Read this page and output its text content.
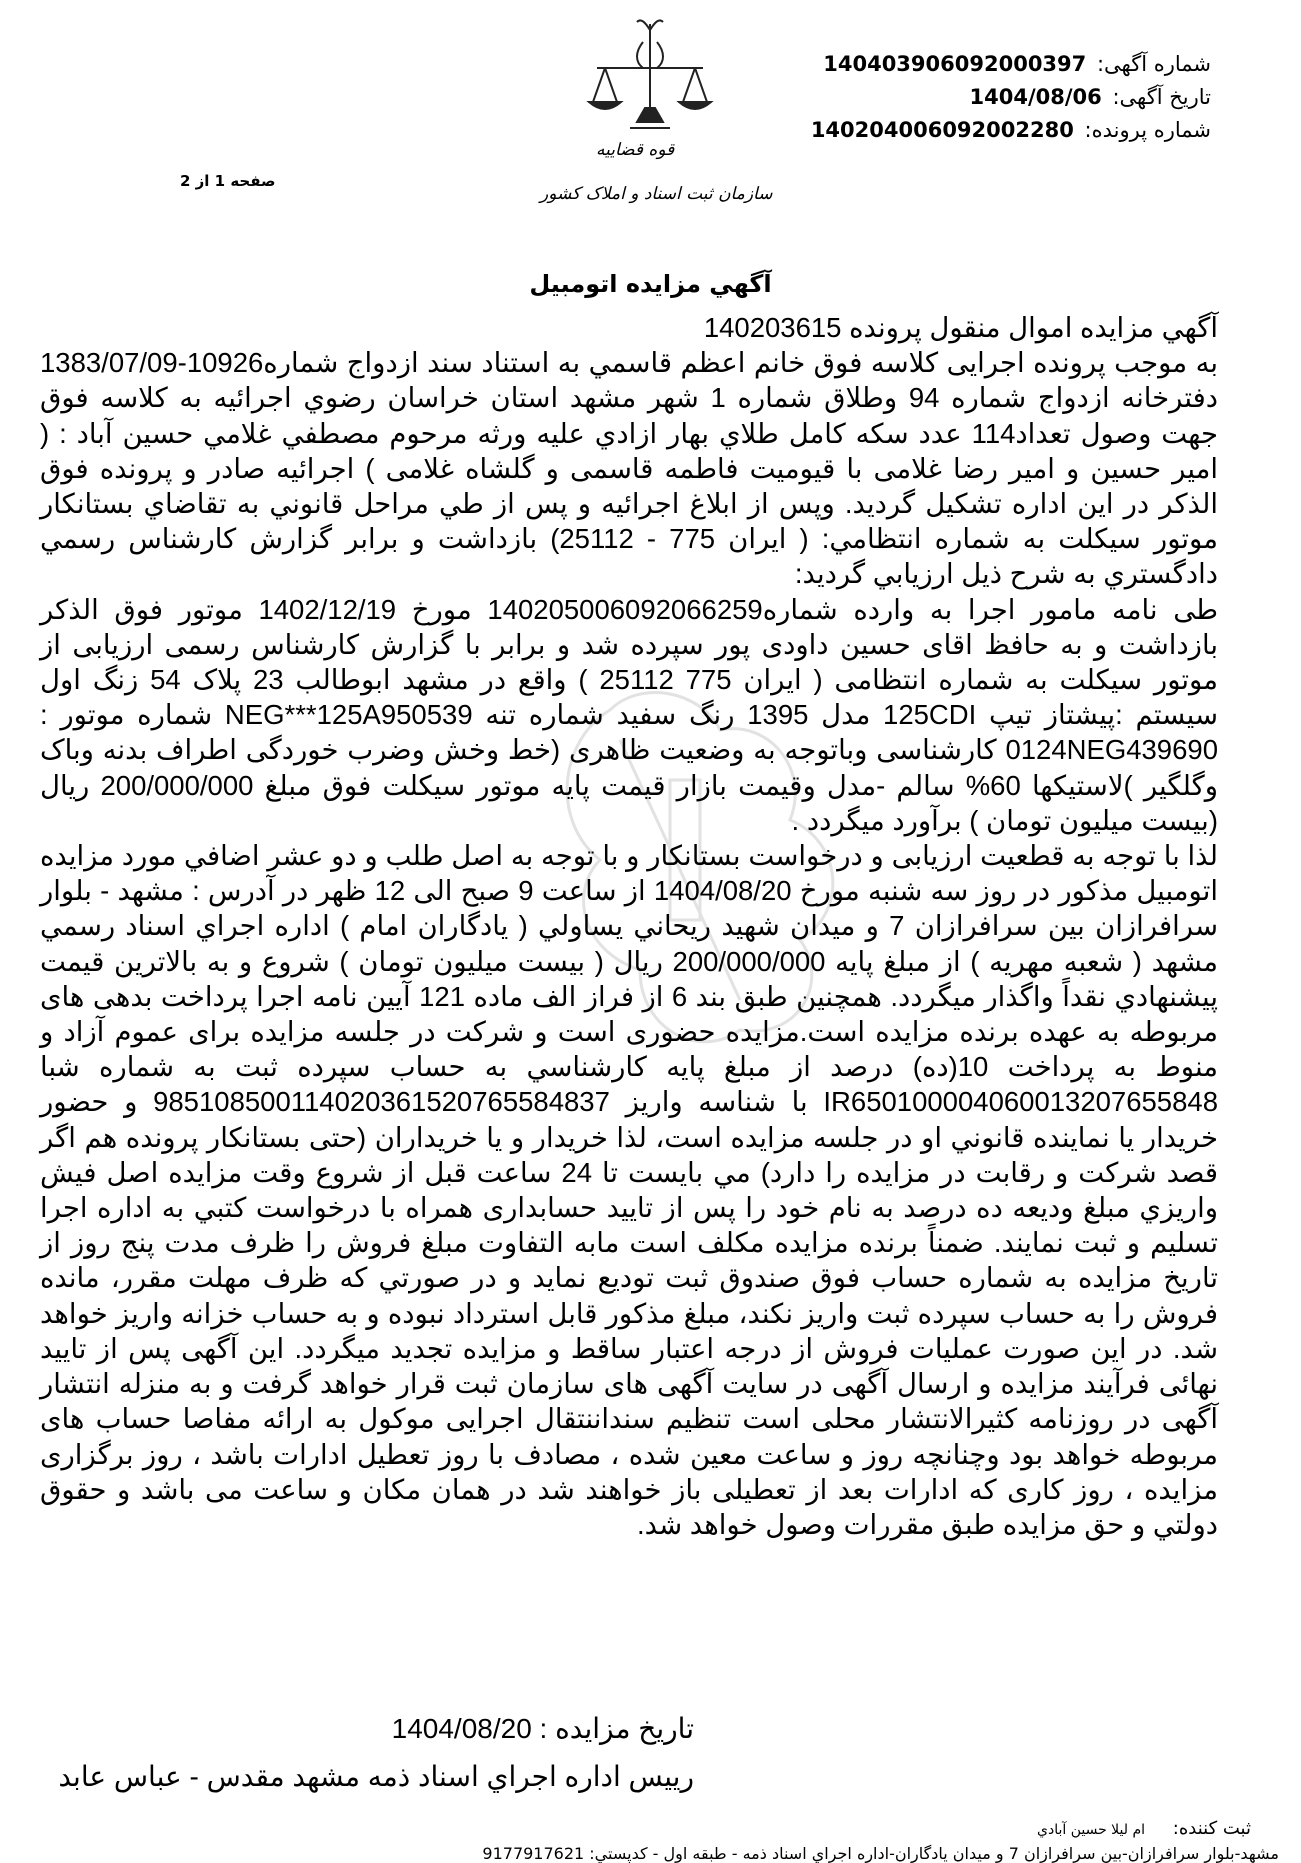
قوه قضاییه
سازمان ثبت اسناد و املاک کشور
شماره آگهی: 140403906092000397
تاریخ آگهی: 1404/08/06
شماره پرونده: 140204006092002280
صفحه 1 از 2
آگهي مزايده اتومبيل

آگهي مزايده اموال منقول پرونده 140203615

به موجب پرونده اجرايی كلاسه فوق خانم اعظم قاسمي به استناد سند ازدواج شماره10926-1383/07/09 دفترخانه ازدواج شماره 94 وطلاق شماره 1 شهر مشهد استان خراسان رضوي اجرائيه به كلاسه فوق جهت وصول تعداد114 عدد سكه كامل طلاي بهار ازادي عليه ورثه مرحوم مصطفي غلامي حسين آباد : ( امیر حسین و امیر رضا غلامی با قيوميت فاطمه قاسمی و گلشاه غلامی ) اجرائيه صادر و پرونده فوق الذكر در اين اداره تشكيل گرديد. وپس از ابلاغ اجرائيه و پس از طي مراحل قانوني به تقاضاي بستانكار موتور سيكلت به شماره انتظامي: ( ايران 775 - 25112) بازداشت و برابر گزارش كارشناس رسمي دادگستري به شرح ذيل ارزيابي گرديد:

طی نامه مامور اجرا به وارده شماره140205006092066259 مورخ 1402/12/19 موتور فوق الذکر بازداشت و به حافظ اقای حسین داودی پور سپرده شد و برابر با گزارش کارشناس رسمی ارزیابی از موتور سیکلت به شماره انتظامی ( ایران 775 25112 ) واقع در مشهد ابوطالب 23 پلاک 54 زنگ اول سیستم :پیشتاز تیپ 125CDI مدل 1395 رنگ سفید شماره تنه NEG***125A950539 شماره موتور : 0124NEG439690 کارشناسی وباتوجه به وضعیت ظاهری (خط وخش وضرب خوردگی اطراف بدنه وباک وگلگیر )لاستیکها 60% سالم -مدل وقیمت بازار قیمت پایه موتور سیکلت فوق مبلغ 200/000/000 ریال (بیست میلیون تومان ) برآورد میگردد .

لذا با توجه به قطعيت ارزيابی و درخواست بستانكار و با توجه به اصل طلب و دو عشر اضافي مورد مزايده اتومبیل مذكور در روز سه شنبه مورخ 1404/08/20 از ساعت 9 صبح الی 12 ظهر در آدرس : مشهد - بلوار سرافرازان بين سرافرازان 7 و ميدان شهيد ريحاني يساولي ( يادگاران امام ) اداره اجراي اسناد رسمي مشهد ( شعبه مهريه ) از مبلغ پايه 200/000/000 ريال ( بيست ميليون تومان ) شروع و به بالاترين قيمت پيشنهادي نقداً واگذار ميگردد. همچنين طبق بند 6 از فراز الف ماده 121 آيين نامه اجرا پرداخت بدهی های مربوطه به عهده برنده مزايده است.مزايده حضوری است و شرکت در جلسه مزايده برای عموم آزاد و منوط به پرداخت 10(ده) درصد از مبلغ پايه كارشناسي به حساب سپرده ثبت به شماره شبا IR650100004060013207655848 با شناسه واريز 985108500114020361520765584837 و حضور خريدار يا نماينده قانوني او در جلسه مزايده است، لذا خريدار و يا خريداران (حتی بستانكار پرونده هم اگر قصد شركت و رقابت در مزايده را دارد) مي بايست تا 24 ساعت قبل از شروع وقت مزايده اصل فيش واريزي مبلغ وديعه ده درصد به نام خود را پس از تاييد حسابداری همراه با درخواست كتبي به اداره اجرا تسليم و ثبت نمايند. ضمناً برنده مزايده مكلف است مابه التفاوت مبلغ فروش را ظرف مدت پنج روز از تاريخ مزايده به شماره حساب فوق صندوق ثبت توديع نمايد و در صورتي كه ظرف مهلت مقرر، مانده فروش را به حساب سپرده ثبت واريز نكند، مبلغ مذكور قابل استرداد نبوده و به حساب خزانه واريز خواهد شد. در اين صورت عمليات فروش از درجه اعتبار ساقط و مزايده تجديد ميگردد. اين آگهی پس از تاييد نهائی فرآيند مزايده و ارسال آگهی در سايت آگهی های سازمان ثبت قرار خواهد گرفت و به منزله انتشار آگهی در روزنامه كثيرالانتشار محلی است تنظیم سنداننتقال اجرایی موکول به ارائه مفاصا حساب های مربوطه خواهد بود وچنانچه روز و ساعت معين شده ، مصادف با روز تعطيل ادارات باشد ، روز برگزاری مزايده ، روز كاری كه ادارات بعد از تعطيلی باز خواهند شد در همان مكان و ساعت می باشد و حقوق دولتي و حق مزايده طبق مقررات وصول خواهد شد.

تاريخ مزايده : 1404/08/20
رييس اداره اجراي اسناد ذمه مشهد مقدس - عباس عابد
ثبت كننده: ام ليلا حسين آبادي
مشهد-بلوار سرافرازان-بین سرافرازان 7 و میدان یادگاران-اداره اجراي اسناد ذمه - طبقه اول - كدپستي: 9177917621
